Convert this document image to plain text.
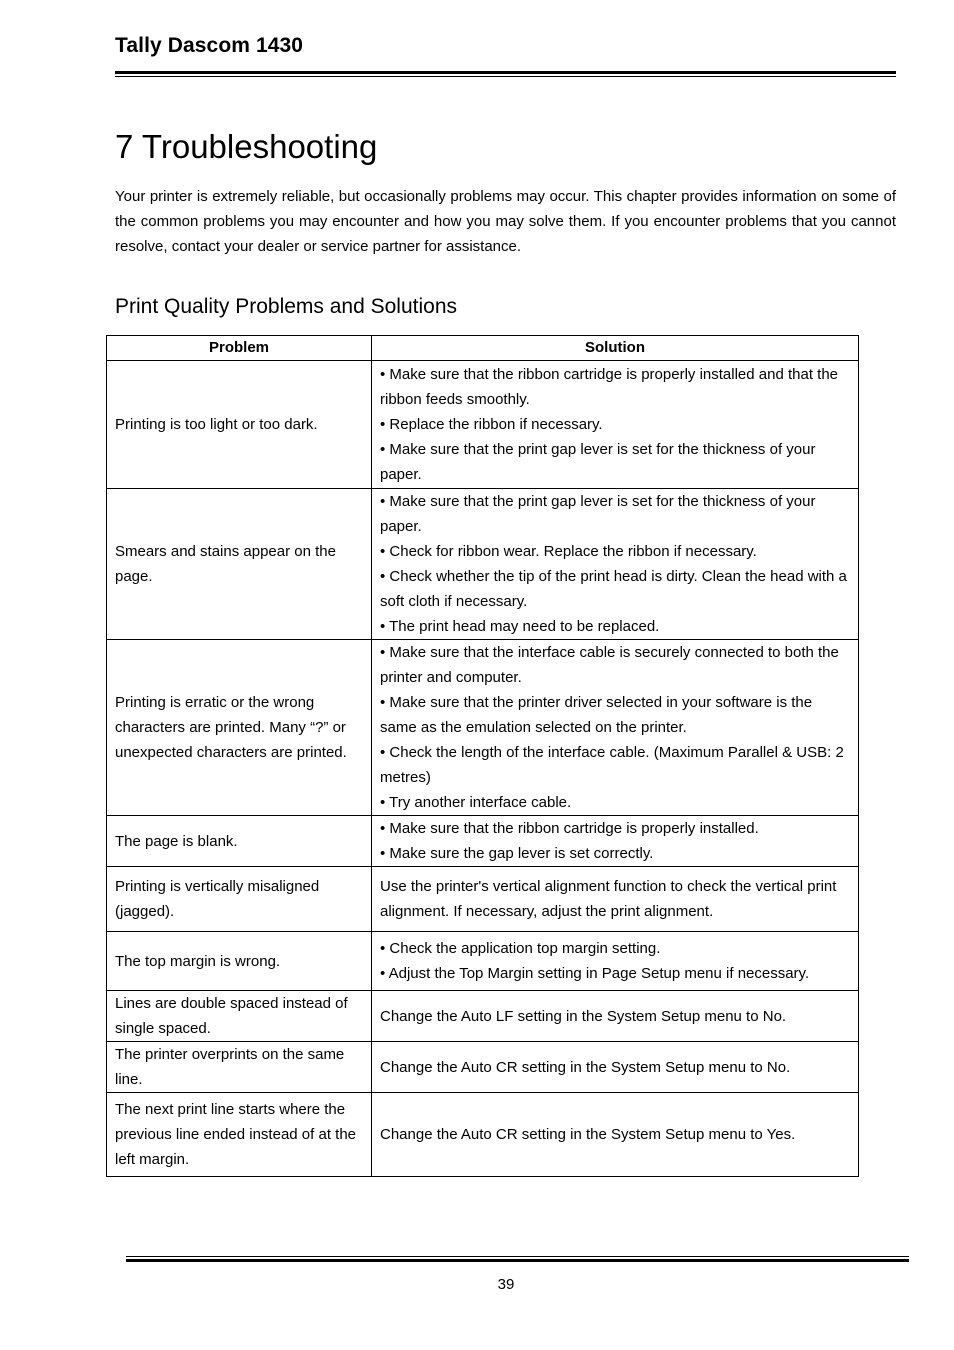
Tally Dascom 1430
7 Troubleshooting

Your printer is extremely reliable, but occasionally problems may occur. This chapter provides information on some of the common problems you may encounter and how you may solve them. If you encounter problems that you cannot resolve, contact your dealer or service partner for assistance.

Print Quality Problems and Solutions
Problem	Solution
Printing is too light or too dark.	• Make sure that the ribbon cartridge is properly installed and that the ribbon feeds smoothly.
• Replace the ribbon if necessary.
• Make sure that the print gap lever is set for the thickness of your paper.

Smears and stains appear on the page.	• Make sure that the print gap lever is set for the thickness of your paper.
• Check for ribbon wear. Replace the ribbon if necessary.
• Check whether the tip of the print head is dirty. Clean the head with a soft cloth if necessary.
• The print head may need to be replaced.

Printing is erratic or the wrong characters are printed. Many “?” or unexpected characters are printed.	• Make sure that the interface cable is securely connected to both the printer and computer.
• Make sure that the printer driver selected in your software is the same as the emulation selected on the printer.
• Check the length of the interface cable. (Maximum Parallel & USB: 2 metres)
• Try another interface cable.

The page is blank.	• Make sure that the ribbon cartridge is properly installed.
• Make sure the gap lever is set correctly.

Printing is vertically misaligned (jagged).	Use the printer's vertical alignment function to check the vertical print alignment. If necessary, adjust the print alignment.

The top margin is wrong.	• Check the application top margin setting.
• Adjust the Top Margin setting in Page Setup menu if necessary.

Lines are double spaced instead of single spaced.	Change the Auto LF setting in the System Setup menu to No.

The printer overprints on the same line.	Change the Auto CR setting in the System Setup menu to No.

The next print line starts where the previous line ended instead of at the left margin.	Change the Auto CR setting in the System Setup menu to Yes.
39
